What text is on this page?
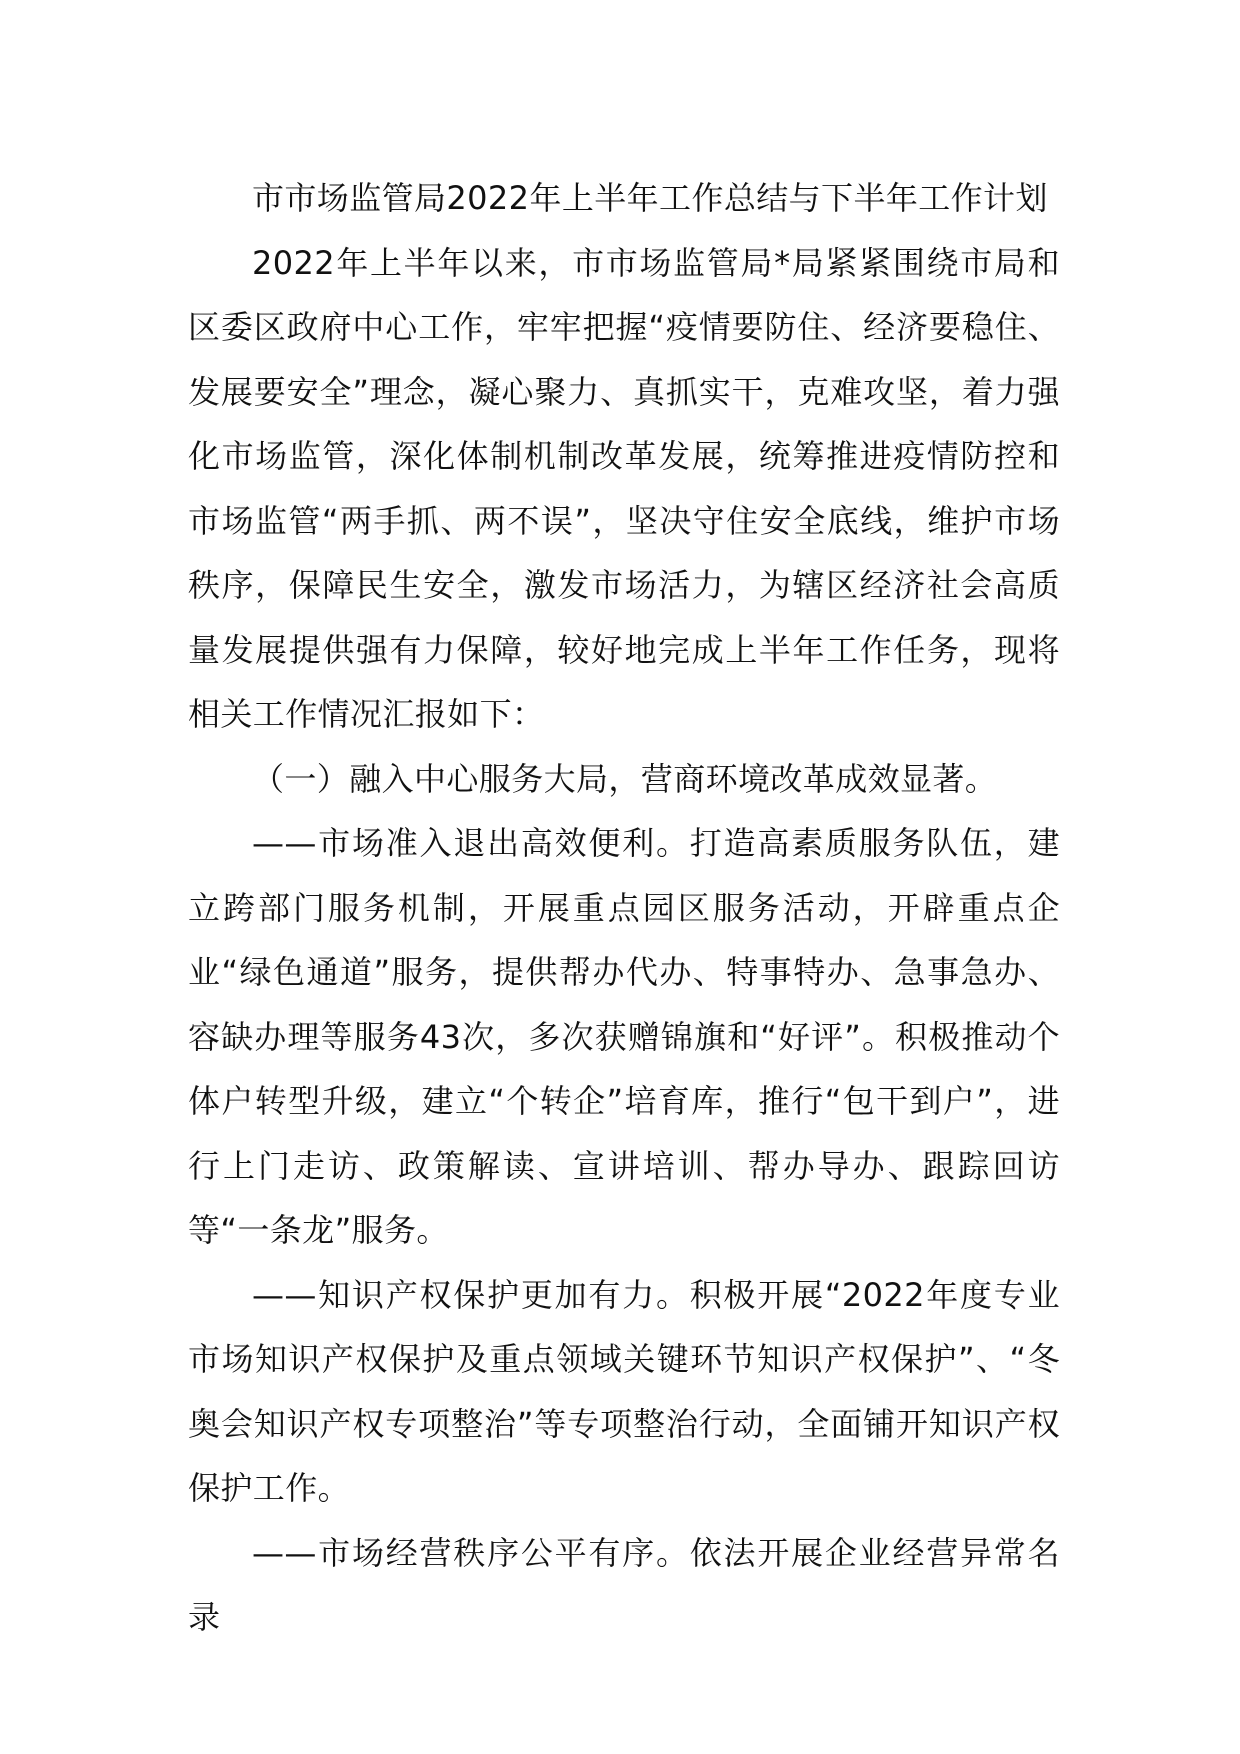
市市场监管局2022年上半年工作总结与下半年工作计划

2022年上半年以来，市市场监管局*局紧紧围绕市局和区委区政府中心工作，牢牢把握“疫情要防住、经济要稳住、发展要安全”理念，凝心聚力、真抓实干，克难攻坚，着力强化市场监管，深化体制机制改革发展，统筹推进疫情防控和市场监管“两手抓、两不误”，坚决守住安全底线，维护市场秩序，保障民生安全，激发市场活力，为辖区经济社会高质量发展提供强有力保障，较好地完成上半年工作任务，现将相关工作情况汇报如下：

（一）融入中心服务大局，营商环境改革成效显著。

——市场准入退出高效便利。打造高素质服务队伍，建立跨部门服务机制，开展重点园区服务活动，开辟重点企业“绿色通道”服务，提供帮办代办、特事特办、急事急办、容缺办理等服务43次，多次获赠锦旗和“好评”。积极推动个体户转型升级，建立“个转企”培育库，推行“包干到户”，进行上门走访、政策解读、宣讲培训、帮办导办、跟踪回访等“一条龙”服务。

——知识产权保护更加有力。积极开展“2022年度专业市场知识产权保护及重点领域关键环节知识产权保护”、“冬奥会知识产权专项整治”等专项整治行动，全面铺开知识产权保护工作。

——市场经营秩序公平有序。依法开展企业经营异常名录
